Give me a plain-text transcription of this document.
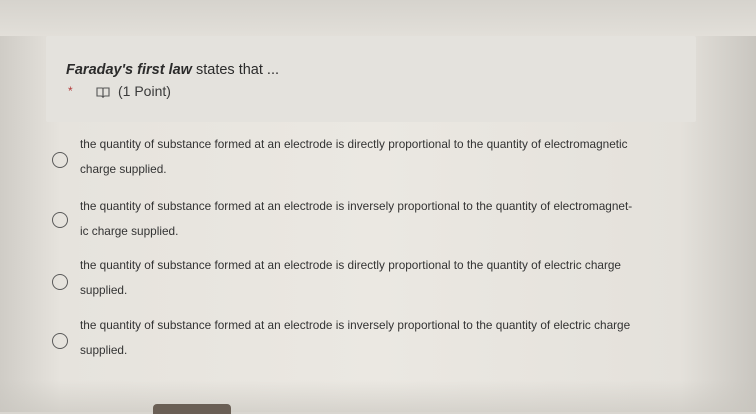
Faraday's first law states that ...
*	(1 Point)
the quantity of substance formed at an electrode is directly proportional to the quantity of electromagnetic
charge supplied.
the quantity of substance formed at an electrode is inversely proportional to the quantity of electromagnet-
ic charge supplied.
the quantity of substance formed at an electrode is directly proportional to the quantity of electric charge
supplied.
the quantity of substance formed at an electrode is inversely proportional to the quantity of electric charge
supplied.
